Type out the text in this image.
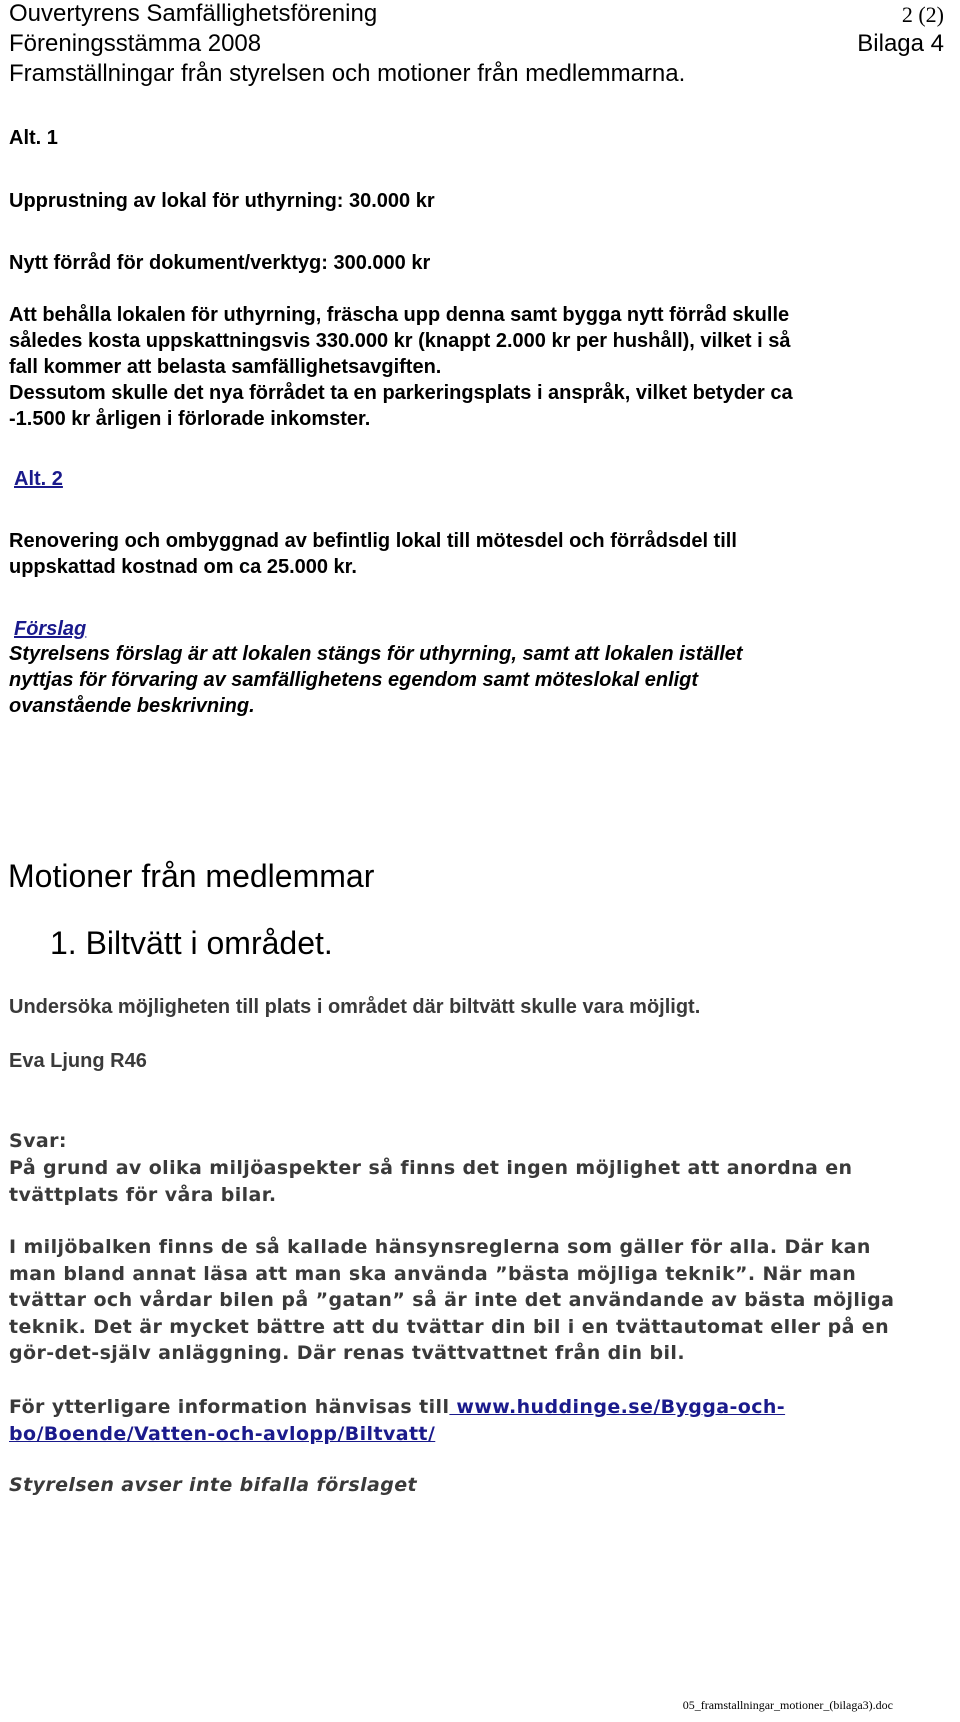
Ouvertyrens Samfällighetsförening	2 (2)
Föreningsstämma 2008	Bilaga 4
Framställningar från styrelsen och motioner från medlemmarna.
Alt. 1
Upprustning av lokal för uthyrning: 30.000 kr
Nytt förråd för dokument/verktyg: 300.000 kr
Att behålla lokalen för uthyrning, fräscha upp denna samt bygga nytt förråd skulle
således kosta uppskattningsvis 330.000 kr (knappt 2.000 kr per hushåll), vilket i så
fall kommer att belasta samfällighetsavgiften.
Dessutom skulle det nya förrådet ta en parkeringsplats i anspråk, vilket betyder ca
-1.500 kr årligen i förlorade inkomster.
Alt. 2
Renovering och ombyggnad av befintlig lokal till mötesdel och förrådsdel till
uppskattad kostnad om ca 25.000 kr.
Förslag
Styrelsens förslag är att lokalen stängs för uthyrning, samt att lokalen istället
nyttjas för förvaring av samfällighetens egendom samt möteslokal enligt
ovanstående beskrivning.
Motioner från medlemmar
1. Biltvätt i området.
Undersöka möjligheten till plats i området där biltvätt skulle vara möjligt.
Eva Ljung R46
Svar:
På grund av olika miljöaspekter så finns det ingen möjlighet att anordna en
tvättplats för våra bilar.
I miljöbalken finns de så kallade hänsynsreglerna som gäller för alla. Där kan
man bland annat läsa att man ska använda ”bästa möjliga teknik”. När man
tvättar och vårdar bilen på ”gatan” så är inte det användande av bästa möjliga
teknik. Det är mycket bättre att du tvättar din bil i en tvättautomat eller på en
gör-det-själv anläggning. Där renas tvättvattnet från din bil.
För ytterligare information hänvisas till www.huddinge.se/Bygga-och-
bo/Boende/Vatten-och-avlopp/Biltvatt/
Styrelsen avser inte bifalla förslaget
05_framstallningar_motioner_(bilaga3).doc
